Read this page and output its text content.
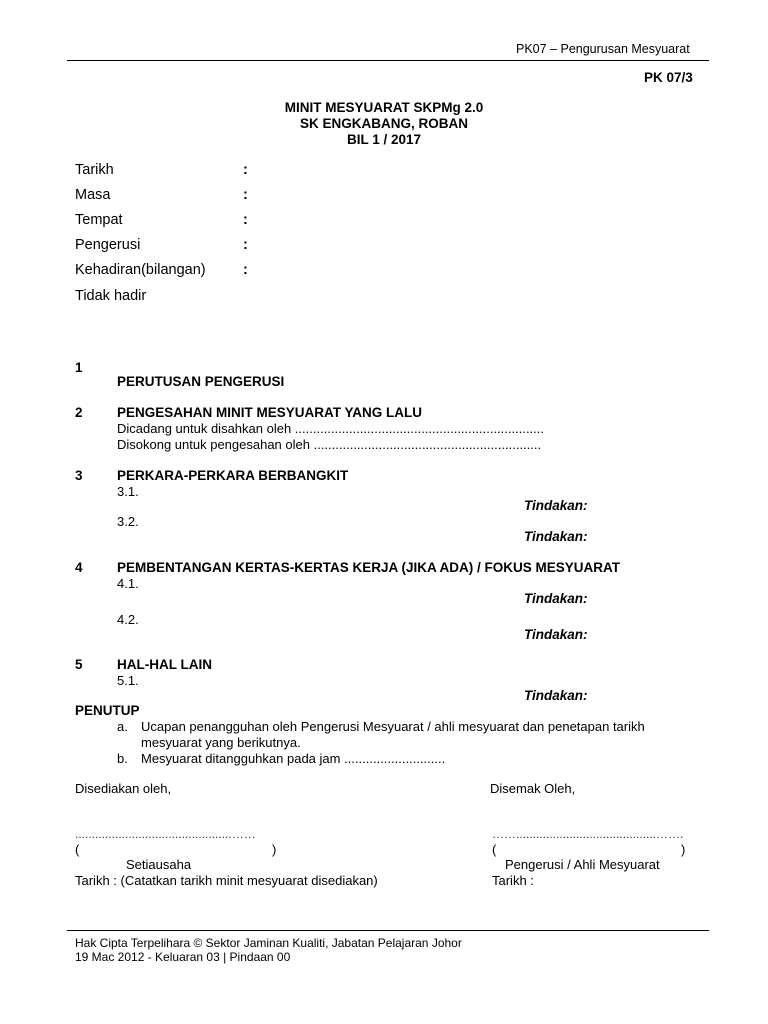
PK07 – Pengurusan Mesyuarat
PK 07/3
MINIT MESYUARAT SKPMg 2.0
SK ENGKABANG, ROBAN
BIL 1 / 2017
Tarikh	:
Masa	:
Tempat	:
Pengerusi	:
Kehadiran(bilangan)	:
Tidak hadir
1
PERUTUSAN PENGERUSI
2	PENGESAHAN MINIT MESYUARAT YANG LALU
Dicadang untuk disahkan oleh .....................................................................
Disokong untuk pengesahan oleh ...............................................................
3	PERKARA-PERKARA BERBANGKIT
3.1.
Tindakan:
3.2.
Tindakan:
4	PEMBENTANGAN KERTAS-KERTAS KERJA (JIKA ADA) / FOKUS MESYUARAT
4.1.
Tindakan:
4.2.
Tindakan:
5	HAL-HAL LAIN
5.1.
Tindakan:
PENUTUP
a. Ucapan penangguhan oleh Pengerusi Mesyuarat / ahli mesyuarat dan penetapan tarikh
mesyuarat yang berikutnya.
b. Mesyuarat ditangguhkan pada jam ............................
Disediakan oleh,
...............................................……
(	)
Setiausaha
Tarikh : (Catatkan tarikh minit mesyuarat disediakan)
Disemak Oleh,
……..........................................…….
(	)
Pengerusi / Ahli Mesyuarat
Tarikh :
Hak Cipta Terpelihara © Sektor Jaminan Kualiti, Jabatan Pelajaran Johor
19 Mac 2012 - Keluaran 03 | Pindaan 00
